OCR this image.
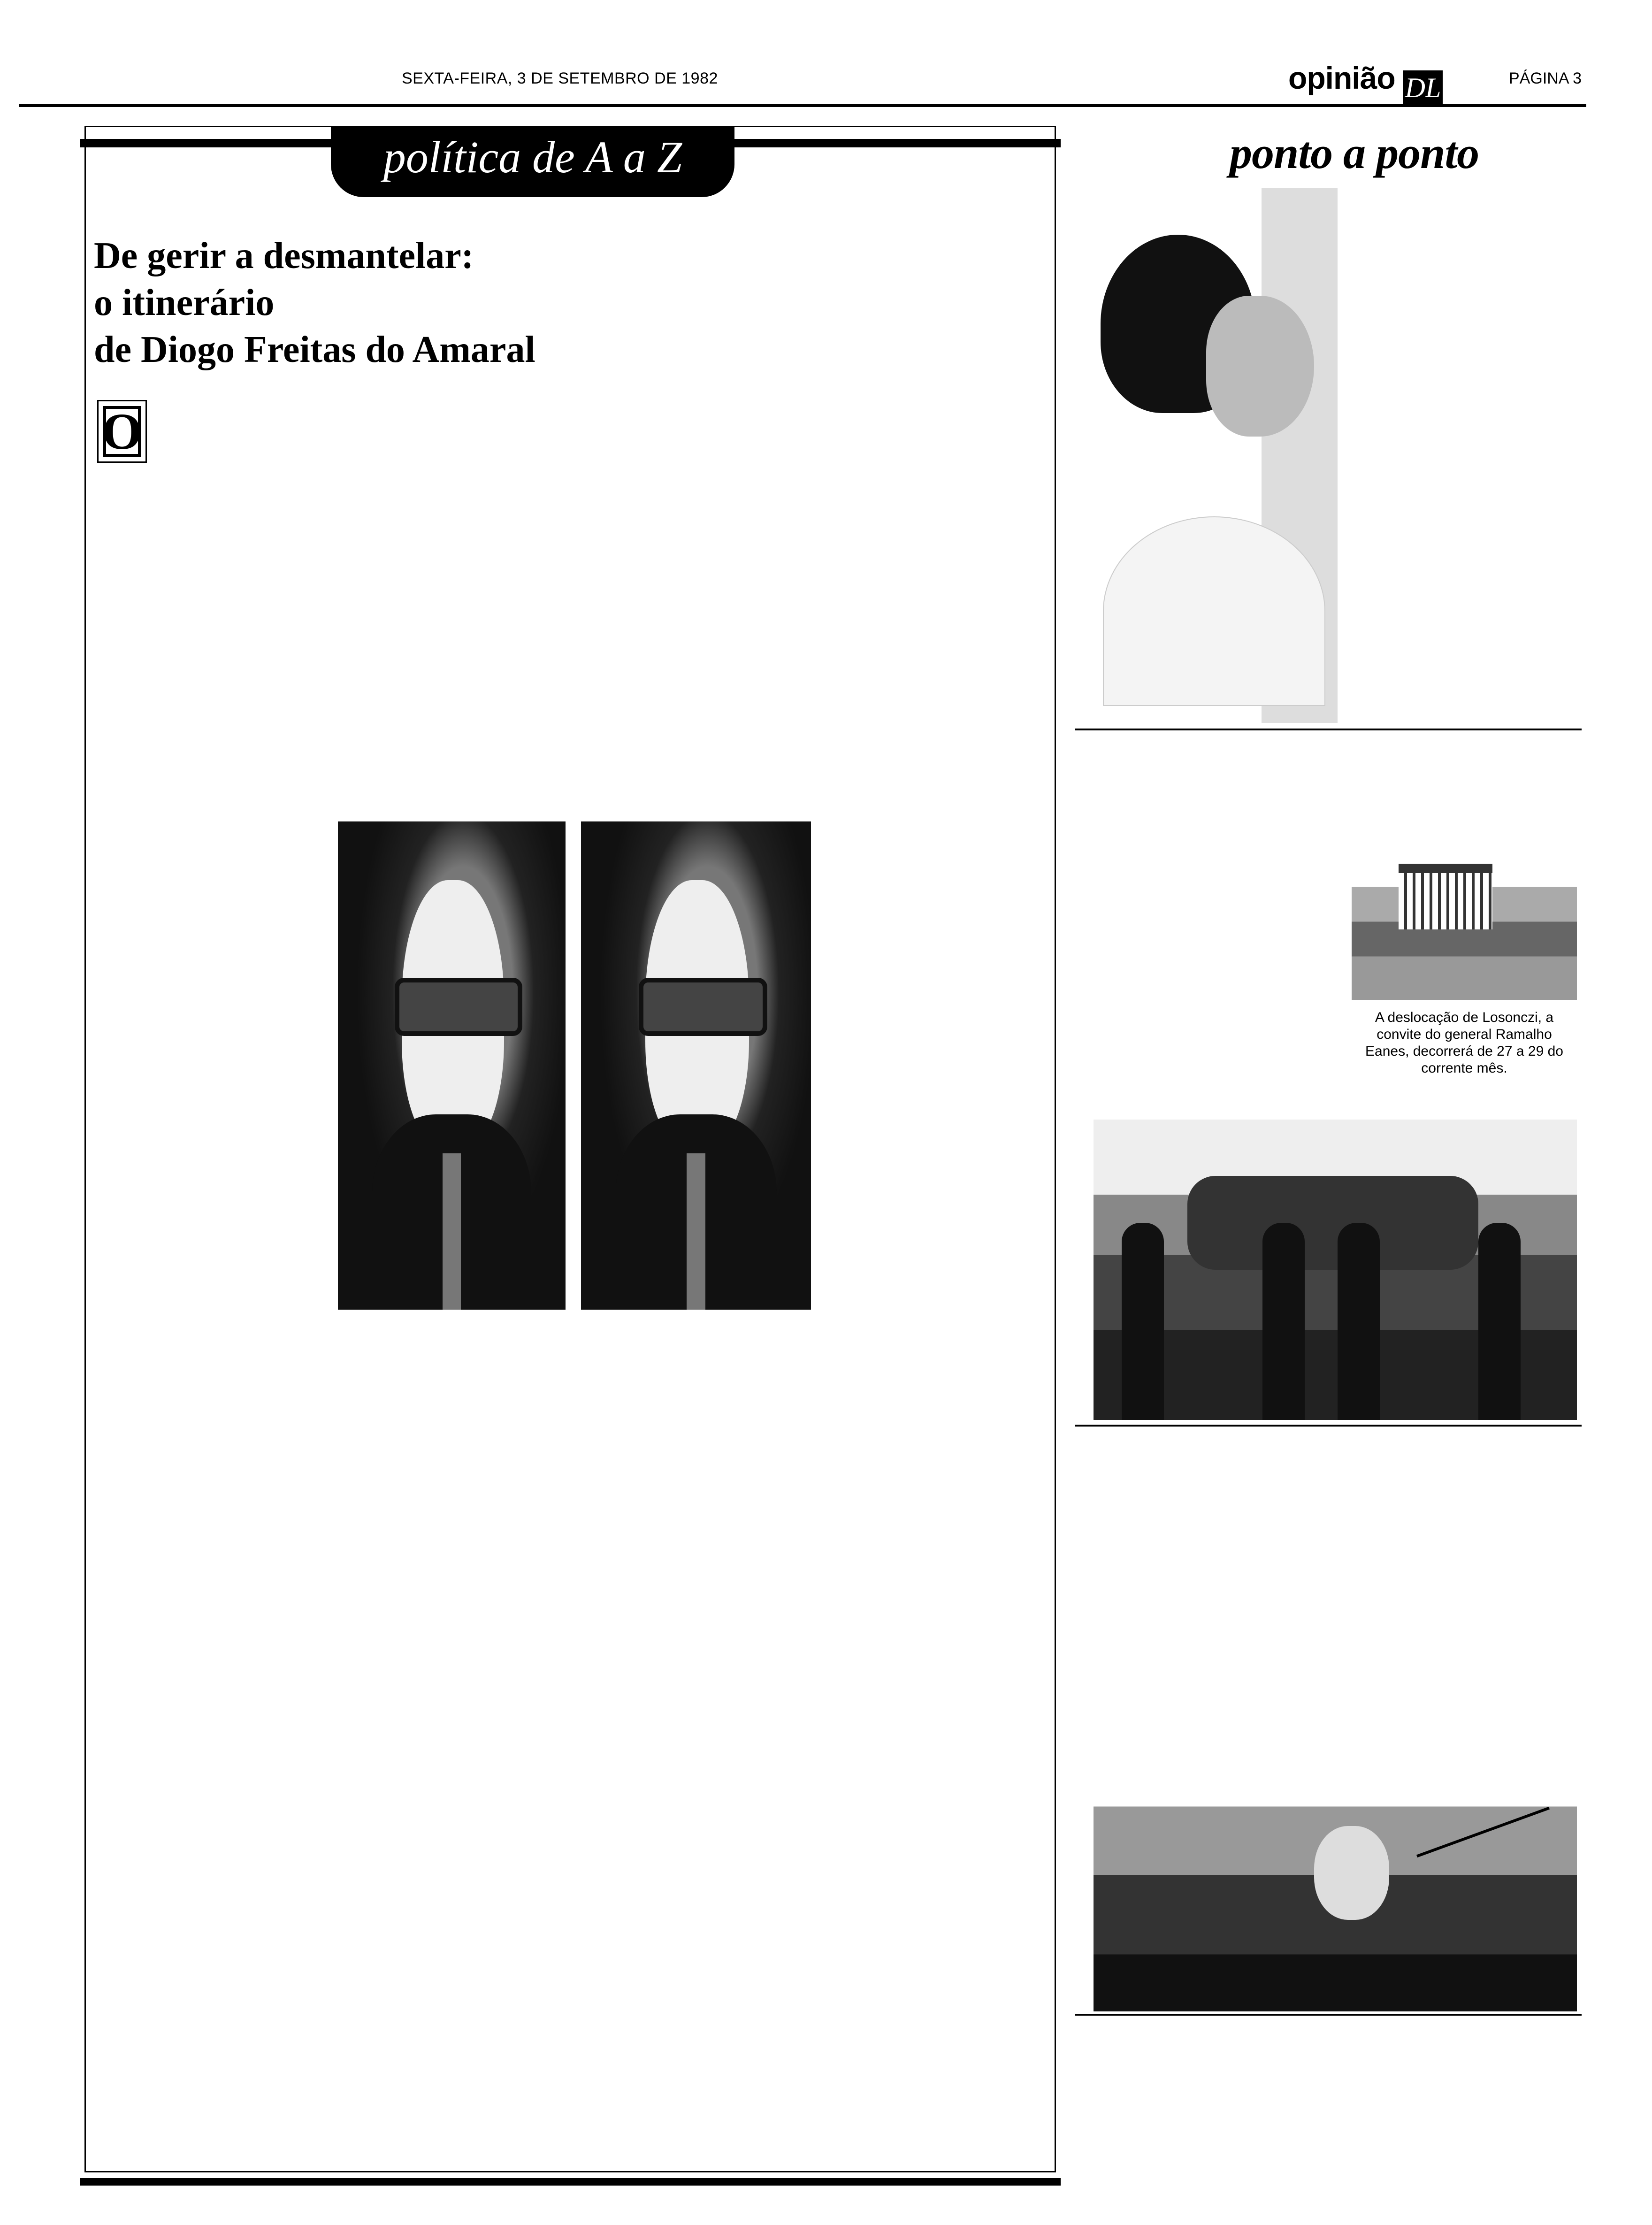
SEXTA-FEIRA, 3 DE SETEMBRO DE 1982	opinião DL	PÁGINA 3
política de A a Z
De gerir a desmantelar:
o itinerário
de Diogo Freitas do Amaral
O
ponto a ponto
A deslocação de Losonczi, a convite do general Ramalho Eanes, decorrerá de 27 a 29 do corrente mês.
